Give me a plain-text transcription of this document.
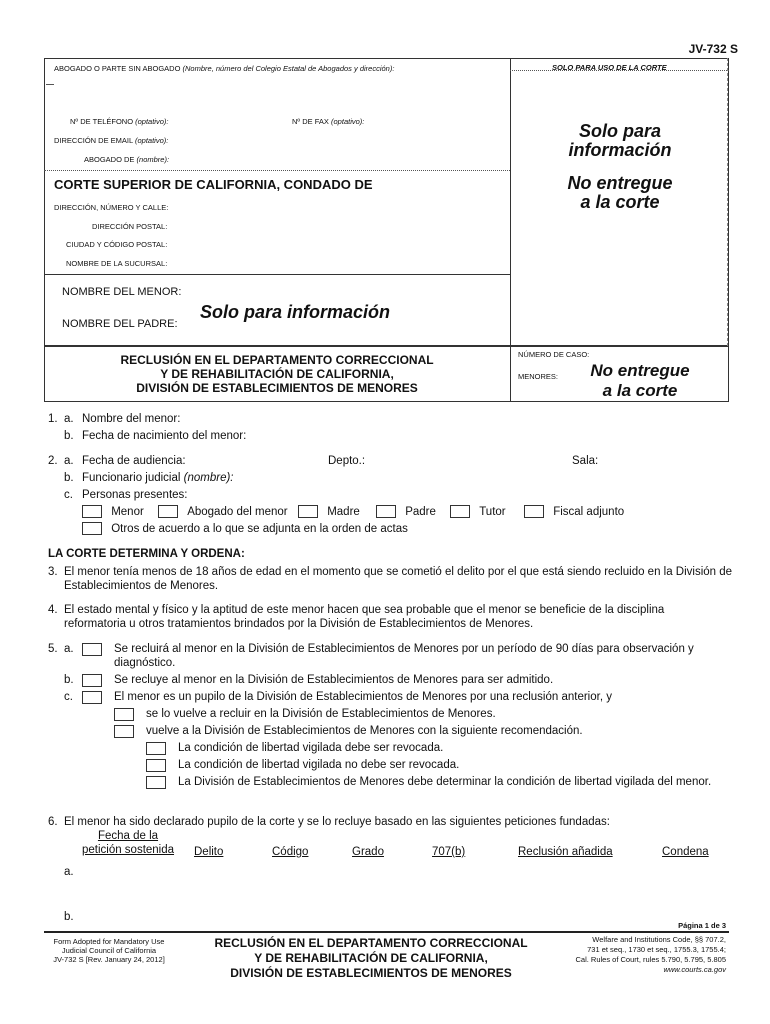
JV-732 S
ABOGADO O PARTE SIN ABOGADO (Nombre, número del Colegio Estatal de Abogados y dirección):	SOLO PARA USO DE LA CORTE
Nº DE TELÉFONO (optativo):	Nº DE FAX (optativo):
DIRECCIÓN DE EMAIL (optativo):
ABOGADO DE (nombre):
CORTE SUPERIOR DE CALIFORNIA, CONDADO DE
DIRECCIÓN, NÚMERO Y CALLE:
DIRECCIÓN POSTAL:
CIUDAD Y CÓDIGO POSTAL:
NOMBRE DE LA SUCURSAL:
NOMBRE DEL MENOR:
NOMBRE DEL PADRE:
Solo para información
Solo para
información
No entregue
a la corte
RECLUSIÓN EN EL DEPARTAMENTO CORRECCIONAL
Y DE REHABILITACIÓN DE CALIFORNIA,
DIVISIÓN DE ESTABLECIMIENTOS DE MENORES
NÚMERO DE CASO:
MENORES:	No entregue
a la corte
1. a. Nombre del menor:
b. Fecha de nacimiento del menor:
2. a. Fecha de audiencia:	Depto.:	Sala:
b. Funcionario judicial (nombre):
c. Personas presentes:
Menor	Abogado del menor	Madre	Padre	Tutor	Fiscal adjunto
Otros de acuerdo a lo que se adjunta en la orden de actas
LA CORTE DETERMINA Y ORDENA:
3. El menor tenía menos de 18 años de edad en el momento que se cometió el delito por el que está siendo recluido en la División de
Establecimientos de Menores.
4. El estado mental y físico y la aptitud de este menor hacen que sea probable que el menor se beneficie de la disciplina
reformatoria u otros tratamientos brindados por la División de Establecimientos de Menores.
5. a.	Se recluirá al menor en la División de Establecimientos de Menores por un período de 90 días para observación y
diagnóstico.
b.	Se recluye al menor en la División de Establecimientos de Menores para ser admitido.
c.	El menor es un pupilo de la División de Establecimientos de Menores por una reclusión anterior, y
se lo vuelve a recluir en la División de Establecimientos de Menores.
vuelve a la División de Establecimientos de Menores con la siguiente recomendación.
La condición de libertad vigilada debe ser revocada.
La condición de libertad vigilada no debe ser revocada.
La División de Establecimientos de Menores debe determinar la condición de libertad vigilada del menor.
6. El menor ha sido declarado pupilo de la corte y se lo recluye basado en las siguientes peticiones fundadas:
Fecha de la
petición sostenida Delito	Código	Grado	707(b)	Reclusión añadida	Condena
a.
b.
Página 1 de 3
Form Adopted for Mandatory Use
Judicial Council of California
JV-732 S [Rev. January 24, 2012]
RECLUSIÓN EN EL DEPARTAMENTO CORRECCIONAL
Y DE REHABILITACIÓN DE CALIFORNIA,
DIVISIÓN DE ESTABLECIMIENTOS DE MENORES
Welfare and Institutions Code, §§ 707.2,
731 et seq., 1730 et seq., 1755.3, 1755.4;
Cal. Rules of Court, rules 5.790, 5.795, 5.805
www.courts.ca.gov
